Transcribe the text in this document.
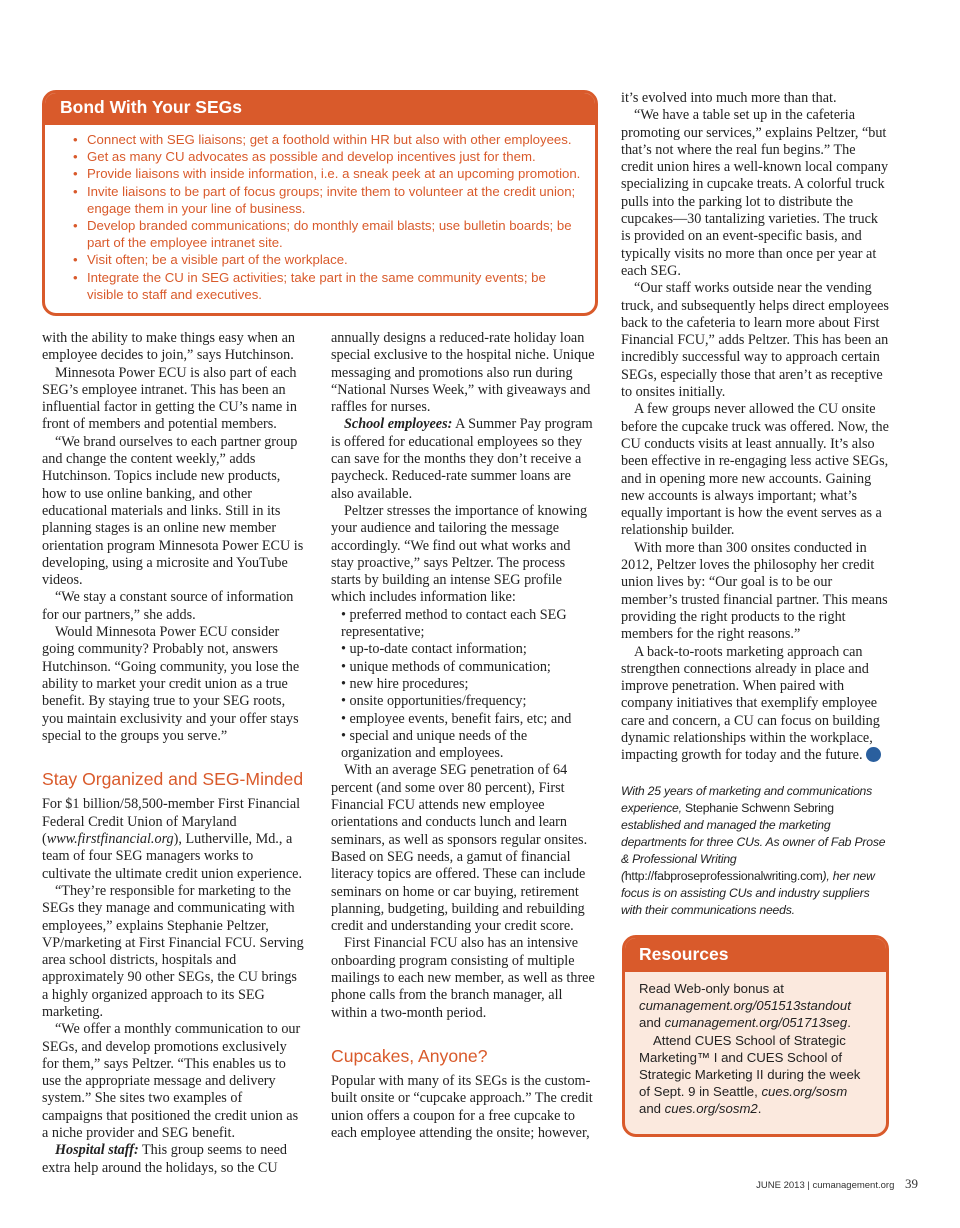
Bond With Your SEGs
• Connect with SEG liaisons; get a foothold within HR but also with other employees.
• Get as many CU advocates as possible and develop incentives just for them.
• Provide liaisons with inside information, i.e. a sneak peek at an upcoming promotion.
• Invite liaisons to be part of focus groups; invite them to volunteer at the credit union; engage them in your line of business.
• Develop branded communications; do monthly email blasts; use bulletin boards; be part of the employee intranet site.
• Visit often; be a visible part of the workplace.
• Integrate the CU in SEG activities; take part in the same community events; be visible to staff and executives.

with the ability to make things easy when an employee decides to join,” says Hutchinson.

Minnesota Power ECU is also part of each SEG’s employee intranet. This has been an influential factor in getting the CU’s name in front of members and potential members.

“We brand ourselves to each partner group and change the content weekly,” adds Hutchinson. Topics include new products, how to use online banking, and other educational materials and links. Still in its planning stages is an online new member orientation program Minnesota Power ECU is developing, using a microsite and YouTube videos.

“We stay a constant source of information for our partners,” she adds.

Would Minnesota Power ECU consider going community? Probably not, answers Hutchinson. “Going community, you lose the ability to market your credit union as a true benefit. By staying true to your SEG roots, you maintain exclusivity and your offer stays special to the groups you serve.”

Stay Organized and SEG-Minded

For $1 billion/58,500-member First Financial Federal Credit Union of Maryland (www.firstfinancial.org), Lutherville, Md., a team of four SEG managers works to cultivate the ultimate credit union experience.

“They’re responsible for marketing to the SEGs they manage and communicating with employees,” explains Stephanie Peltzer, VP/marketing at First Financial FCU. Serving area school districts, hospitals and approximately 90 other SEGs, the CU brings a highly organized approach to its SEG marketing.

“We offer a monthly communication to our SEGs, and develop promotions exclusively for them,” says Peltzer. “This enables us to use the appropriate message and delivery system.” She sites two examples of campaigns that positioned the credit union as a niche provider and SEG benefit.

Hospital staff: This group seems to need extra help around the holidays, so the CU

annually designs a reduced-rate holiday loan special exclusive to the hospital niche. Unique messaging and promotions also run during “National Nurses Week,” with giveaways and raffles for nurses.

School employees: A Summer Pay program is offered for educational employees so they can save for the months they don’t receive a paycheck. Reduced-rate summer loans are also available.

Peltzer stresses the importance of knowing your audience and tailoring the message accordingly. “We find out what works and stay proactive,” says Peltzer. The process starts by building an intense SEG profile which includes information like:

• preferred method to contact each SEG representative;

• up-to-date contact information;

• unique methods of communication;

• new hire procedures;

• onsite opportunities/frequency;

• employee events, benefit fairs, etc; and

• special and unique needs of the organization and employees.

With an average SEG penetration of 64 percent (and some over 80 percent), First Financial FCU attends new employee orientations and conducts lunch and learn seminars, as well as sponsors regular onsites. Based on SEG needs, a gamut of financial literacy topics are offered. These can include seminars on home or car buying, retirement planning, budgeting, building and rebuilding credit and understanding your credit score.

First Financial FCU also has an intensive onboarding program consisting of multiple mailings to each new member, as well as three phone calls from the branch manager, all within a two-month period.

Cupcakes, Anyone?

Popular with many of its SEGs is the custom-built onsite or “cupcake approach.” The credit union offers a coupon for a free cupcake to each employee attending the onsite; however,

it’s evolved into much more than that.

“We have a table set up in the cafeteria promoting our services,” explains Peltzer, “but that’s not where the real fun begins.” The credit union hires a well-known local company specializing in cupcake treats. A colorful truck pulls into the parking lot to distribute the cupcakes—30 tantalizing varieties. The truck is provided on an event-specific basis, and typically visits no more than once per year at each SEG.

“Our staff works outside near the vending truck, and subsequently helps direct employees back to the cafeteria to learn more about First Financial FCU,” adds Peltzer. This has been an incredibly successful way to approach certain SEGs, especially those that aren’t as receptive to onsites initially.

A few groups never allowed the CU onsite before the cupcake truck was offered. Now, the CU conducts visits at least annually. It’s also been effective in re-engaging less active SEGs, and in opening more new accounts. Gaining new accounts is always important; what’s equally important is how the event serves as a relationship builder.

With more than 300 onsites conducted in 2012, Peltzer loves the philosophy her credit union lives by: “Our goal is to be our member’s trusted financial partner. This means providing the right products to the right members for the right reasons.”

A back-to-roots marketing approach can strengthen connections already in place and improve penetration. When paired with company initiatives that exemplify employee care and concern, a CU can focus on building dynamic relationships within the workplace, impacting growth for today and the future.

With 25 years of marketing and communications experience, Stephanie Schwenn Sebring established and managed the marketing departments for three CUs. As owner of Fab Prose & Professional Writing (http://fabproseprofessionalwriting.com), her new focus is on assisting CUs and industry suppliers with their communications needs.
Resources

Read Web-only bonus at cumanagement.org/051513standout and cumanagement.org/051713seg.

Attend CUES School of Strategic Marketing™ I and CUES School of Strategic Marketing II during the week of Sept. 9 in Seattle, cues.org/sosm and cues.org/sosm2.

JUNE 2013 | cumanagement.org 39
